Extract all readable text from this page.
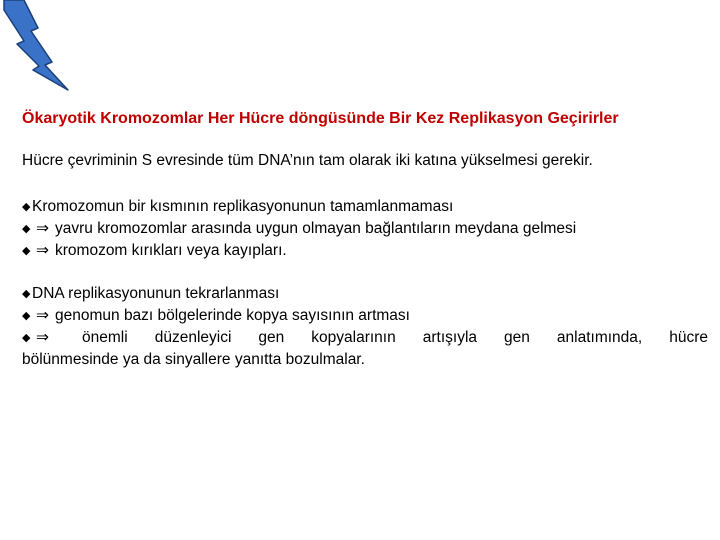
Ökaryotik Kromozomlar Her Hücre döngüsünde Bir Kez Replikasyon Geçirirler
Hücre çevriminin S evresinde tüm DNA’nın tam olarak iki katına yükselmesi gerekir.
◆Kromozomun bir kısmının replikasyonunun tamamlanmaması
◆ ⇒ yavru kromozomlar arasında uygun olmayan bağlantıların meydana gelmesi
◆ ⇒ kromozom kırıkları veya kayıpları.
◆DNA replikasyonunun tekrarlanması
◆ ⇒ genomun bazı bölgelerinde kopya sayısının artması
◆ ⇒ önemli düzenleyici gen kopyalarının artışıyla gen anlatımında, hücre
bölünmesinde ya da sinyallere yanıtta bozulmalar.
